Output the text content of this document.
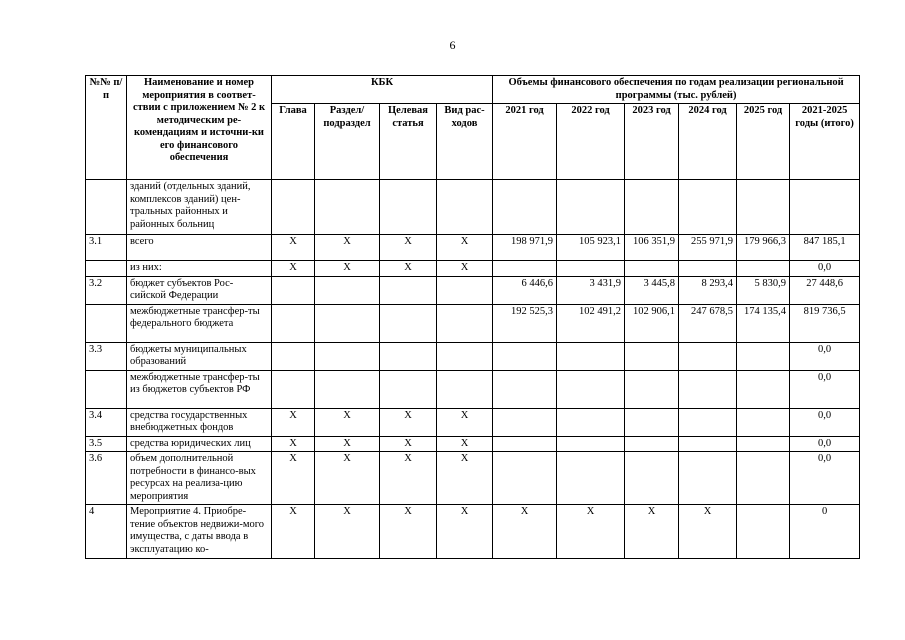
6
№№ п/п	Наименование и номер мероприятия в соответ-ствии с приложением № 2 к методическим ре-комендациям и источни-ки его финансового обеспечения	КБК				Объемы финансового обеспечения по годам реализации региональной программы (тыс. рублей)					
		Глава	Раздел/ подраздел	Целевая статья	Вид рас-ходов	2021 год	2022 год	2023 год	2024 год	2025 год	2021-2025 годы (итого)
	зданий (отдельных зданий, комплексов зданий) цен-тральных районных и районных больниц										
3.1	всего	X	X	X	X	198 971,9	105 923,1	106 351,9	255 971,9	179 966,3	847 185,1
	из них:	X	X	X	X						0,0
3.2	бюджет субъектов Рос-сийской Федерации					6 446,6	3 431,9	3 445,8	8 293,4	5 830,9	27 448,6
	межбюджетные трансфер-ты федерального бюджета					192 525,3	102 491,2	102 906,1	247 678,5	174 135,4	819 736,5
3.3	бюджеты муниципальных образований										0,0
	межбюджетные трансфер-ты из бюджетов субъектов РФ										0,0
3.4	средства государственных внебюджетных фондов	X	X	X	X						0,0
3.5	средства юридических лиц	X	X	X	X						0,0
3.6	объем дополнительной потребности в финансо-вых ресурсах на реализа-цию мероприятия	X	X	X	X						0,0
4	Мероприятие 4. Приобре-тение объектов недвижи-мого имущества, с даты ввода в эксплуатацию ко-	X	X	X	X	X	X	X	X		0
